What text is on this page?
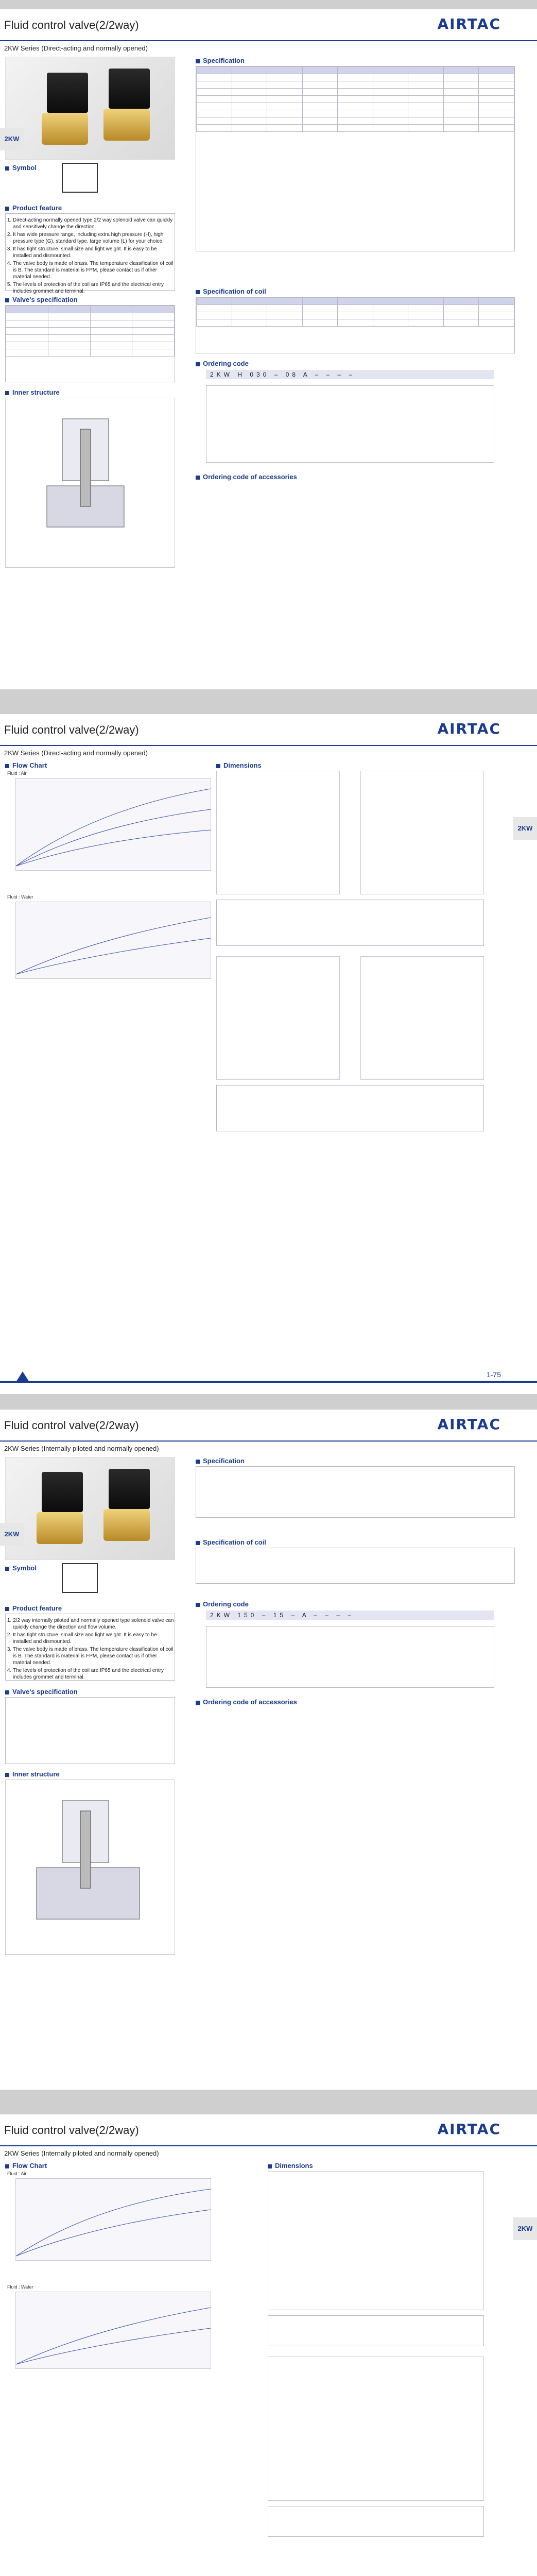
Fluid control valve(2/2way)	AIRTAC
2KW Series (Direct-acting and normally opened)
2KW
Symbol
Product feature
1. Direct-acting normally opened type 2/2 way solenoid valve can quickly and sensitively change the direction.
2. It has wide pressure range, including extra high pressure (H), high pressure type (G), standard type, large volume (L) for your choice.
3. It has tight structure, small size and light weight. It is easy to be installed and dismounted.
4. The valve body is made of brass. The temperature classification of coil is B. The standard is material is FPM, please contact us if other material needed.
5. The levels of protection of the coil are IP65 and the electrical entry includes grommet and terminal.
Valve's specification

Inner structure
Specification

Specification of coil

Ordering code
2KW H 030 – 08 A – – – –
Ordering code of accessories
Fluid control valve(2/2way)	AIRTAC
2KW Series (Direct-acting and normally opened)
Flow Chart
Fluid : Air
Fluid : Water
Dimensions
2KW
1-75
Fluid control valve(2/2way)	AIRTAC
2KW Series (Internally piloted and normally opened)
2KW
Symbol
Product feature
1. 2/2 way internally piloted and normally opened type solenoid valve can quickly change the direction and flow volume.
2. It has tight structure, small size and light weight. It is easy to be installed and dismounted.
3. The valve body is made of brass. The temperature classification of coil is B. The standard is material is FPM, please contact us if other material needed.
4. The levels of protection of the coil are IP65 and the electrical entry includes grommet and terminal.
Valve's specification
Inner structure
Specification
Specification of coil
Ordering code
2KW 150 – 15 – A – – – –
Ordering code of accessories
Fluid control valve(2/2way)	AIRTAC
2KW Series (Internally piloted and normally opened)
Flow Chart
Fluid : Air
Fluid : Water
Dimensions
2KW
